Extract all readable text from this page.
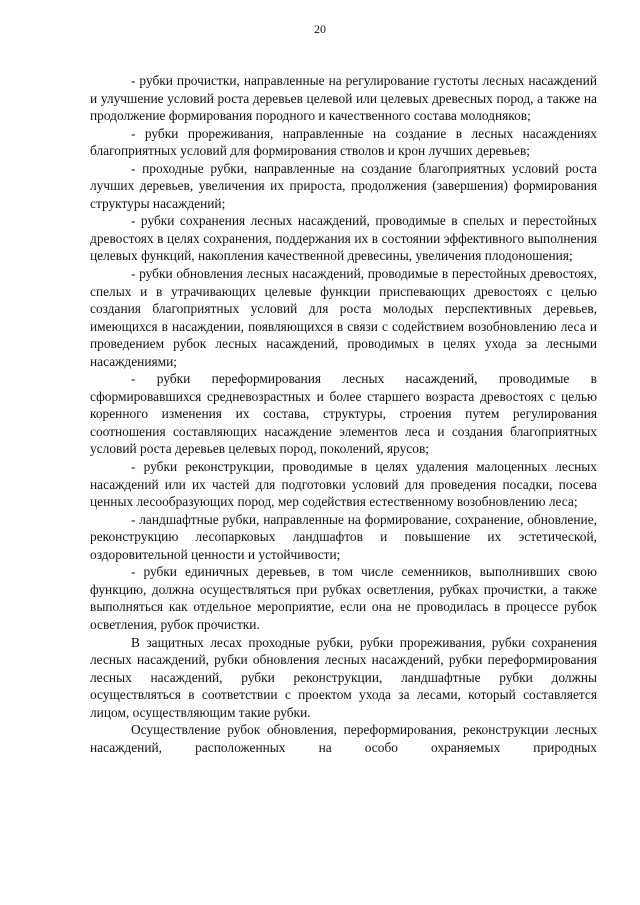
20

- рубки прочистки, направленные на регулирование густоты лесных насаждений и улучшение условий роста деревьев целевой или целевых древесных пород, а также на продолжение формирования породного и качественного состава молодняков;

- рубки прореживания, направленные на создание в лесных насаждениях благоприятных условий для формирования стволов и крон лучших деревьев;

- проходные рубки, направленные на создание благоприятных условий роста лучших деревьев, увеличения их прироста, продолжения (завершения) формирования структуры насаждений;

- рубки сохранения лесных насаждений, проводимые в спелых и перестойных древостоях в целях сохранения, поддержания их в состоянии эффективного выполнения целевых функций, накопления качественной древесины, увеличения плодоношения;

- рубки обновления лесных насаждений, проводимые в перестойных древостоях, спелых и в утрачивающих целевые функции приспевающих древостоях с целью создания благоприятных условий для роста молодых перспективных деревьев, имеющихся в насаждении, появляющихся в связи с содействием возобновлению леса и проведением рубок лесных насаждений, проводимых в целях ухода за лесными насаждениями;

- рубки переформирования лесных насаждений, проводимые в сформировавшихся средневозрастных и более старшего возраста древостоях с целью коренного изменения их состава, структуры, строения путем регулирования соотношения составляющих насаждение элементов леса и создания благоприятных условий роста деревьев целевых пород, поколений, ярусов;

- рубки реконструкции, проводимые в целях удаления малоценных лесных насаждений или их частей для подготовки условий для проведения посадки, посева ценных лесообразующих пород, мер содействия естественному возобновлению леса;

- ландшафтные рубки, направленные на формирование, сохранение, обновление, реконструкцию лесопарковых ландшафтов и повышение их эстетической, оздоровительной ценности и устойчивости;

- рубки единичных деревьев, в том числе семенников, выполнивших свою функцию, должна осуществляться при рубках осветления, рубках прочистки, а также выполняться как отдельное мероприятие, если она не проводилась в процессе рубок осветления, рубок прочистки.

В защитных лесах проходные рубки, рубки прореживания, рубки сохранения лесных насаждений, рубки обновления лесных насаждений, рубки переформирования лесных насаждений, рубки реконструкции, ландшафтные рубки должны осуществляться в соответствии с проектом ухода за лесами, который составляется лицом, осуществляющим такие рубки.

Осуществление рубок обновления, переформирования, реконструкции лесных насаждений, расположенных на особо охраняемых природных
